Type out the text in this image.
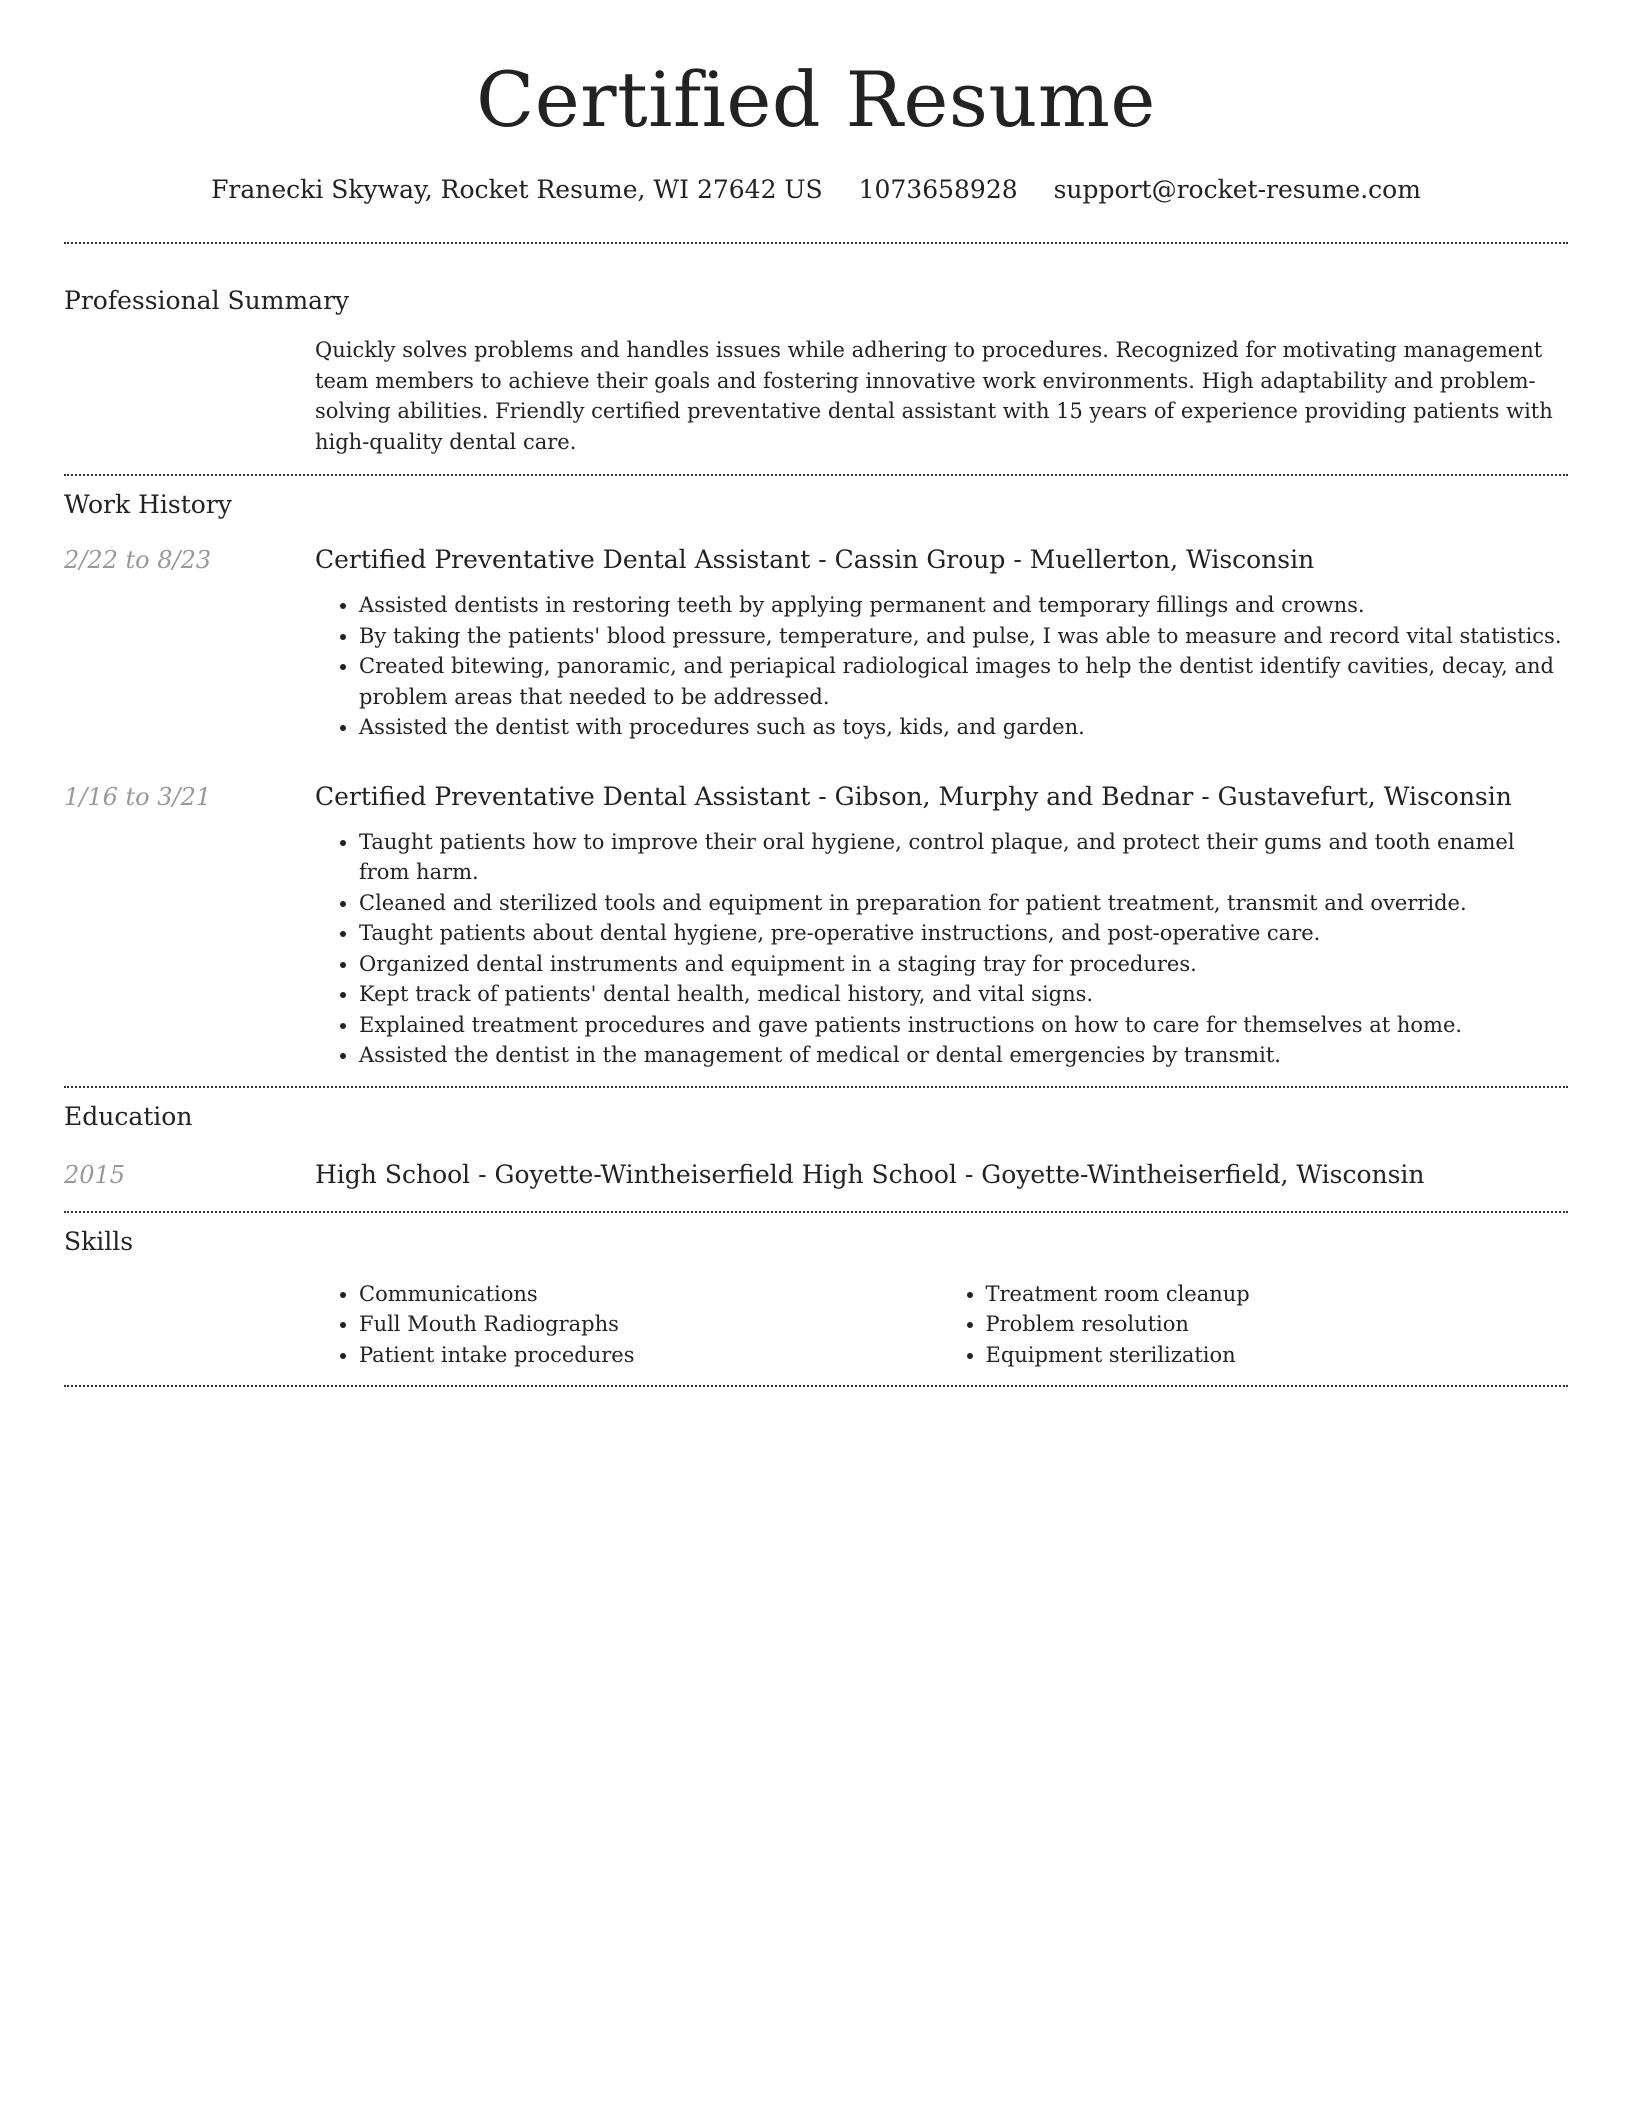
Certified Resume
Franecki Skyway, Rocket Resume, WI 27642 US 1073658928 support@rocket-resume.com
Professional Summary

Quickly solves problems and handles issues while adhering to procedures. Recognized for motivating management team members to achieve their goals and fostering innovative work environments. High adaptability and problem-solving abilities. Friendly certified preventative dental assistant with 15 years of experience providing patients with high-quality dental care.

Work History
2/22 to 8/23	Certified Preventative Dental Assistant - Cassin Group - Muellerton, Wisconsin
• Assisted dentists in restoring teeth by applying permanent and temporary fillings and crowns.
• By taking the patients' blood pressure, temperature, and pulse, I was able to measure and record vital statistics.
• Created bitewing, panoramic, and periapical radiological images to help the dentist identify cavities, decay, and problem areas that needed to be addressed.
• Assisted the dentist with procedures such as toys, kids, and garden.
1/16 to 3/21	Certified Preventative Dental Assistant - Gibson, Murphy and Bednar - Gustavefurt, Wisconsin
• Taught patients how to improve their oral hygiene, control plaque, and protect their gums and tooth enamel from harm.
• Cleaned and sterilized tools and equipment in preparation for patient treatment, transmit and override.
• Taught patients about dental hygiene, pre-operative instructions, and post-operative care.
• Organized dental instruments and equipment in a staging tray for procedures.
• Kept track of patients' dental health, medical history, and vital signs.
• Explained treatment procedures and gave patients instructions on how to care for themselves at home.
• Assisted the dentist in the management of medical or dental emergencies by transmit.
Education
2015	High School - Goyette-Wintheiserfield High School - Goyette-Wintheiserfield, Wisconsin
Skills
• Communications
• Full Mouth Radiographs
• Patient intake procedures
• Treatment room cleanup
• Problem resolution
• Equipment sterilization
